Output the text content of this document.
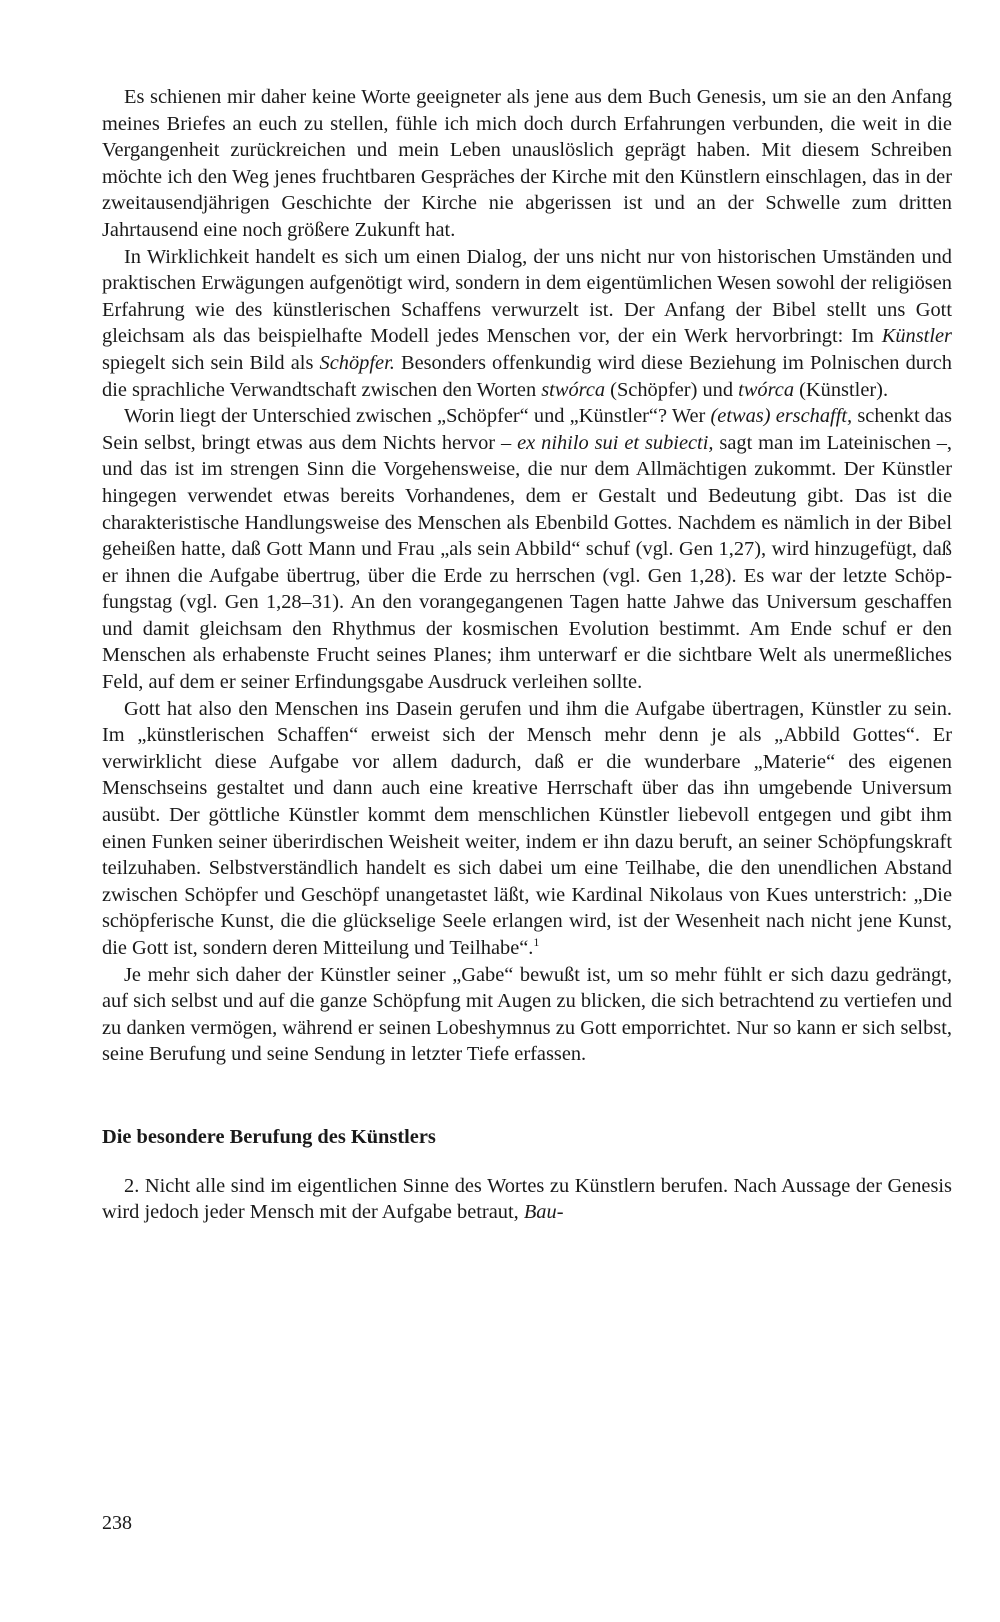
Es schienen mir daher keine Worte geeigneter als jene aus dem Buch Genesis, um sie an den Anfang meines Briefes an euch zu stellen, fühle ich mich doch durch Erfahrungen verbunden, die weit in die Vergangenheit zurückreichen und mein Leben unauslöslich geprägt haben. Mit diesem Schreiben möchte ich den Weg jenes fruchtbaren Gespräches der Kirche mit den Künstlern einschlagen, das in der zweitausendjährigen Geschichte der Kirche nie abgerissen ist und an der Schwelle zum dritten Jahrtausend eine noch größere Zukunft hat.

In Wirklichkeit handelt es sich um einen Dialog, der uns nicht nur von historischen Umständen und praktischen Erwägungen aufgenötigt wird, sondern in dem eigentümlichen Wesen sowohl der religiösen Erfahrung wie des künstlerischen Schaffens verwurzelt ist. Der Anfang der Bibel stellt uns Gott gleichsam als das beispielhafte Modell jedes Menschen vor, der ein Werk hervorbringt: Im Künstler spiegelt sich sein Bild als Schöpfer. Besonders offenkundig wird diese Beziehung im Polnischen durch die sprachliche Verwandtschaft zwischen den Worten stwórca (Schöpfer) und twórca (Künstler).

Worin liegt der Unterschied zwischen „Schöpfer“ und „Künstler“? Wer (etwas) erschafft, schenkt das Sein selbst, bringt etwas aus dem Nichts hervor – ex nihilo sui et subiecti, sagt man im Lateinischen –, und das ist im strengen Sinn die Vorgehensweise, die nur dem Allmächtigen zukommt. Der Künstler hingegen verwendet etwas bereits Vorhandenes, dem er Gestalt und Bedeutung gibt. Das ist die charakteristische Handlungsweise des Menschen als Ebenbild Gottes. Nachdem es nämlich in der Bibel geheißen hatte, daß Gott Mann und Frau „als sein Abbild“ schuf (vgl. Gen 1,27), wird hinzugefügt, daß er ihnen die Aufgabe übertrug, über die Erde zu herrschen (vgl. Gen 1,28). Es war der letzte Schöpfungstag (vgl. Gen 1,28–31). An den vorangegangenen Tagen hatte Jahwe das Universum geschaffen und damit gleichsam den Rhythmus der kosmischen Evolution bestimmt. Am Ende schuf er den Menschen als erhabenste Frucht seines Planes; ihm unterwarf er die sichtbare Welt als unermeßliches Feld, auf dem er seiner Erfindungsgabe Ausdruck verleihen sollte.

Gott hat also den Menschen ins Dasein gerufen und ihm die Aufgabe übertragen, Künstler zu sein. Im „künstlerischen Schaffen“ erweist sich der Mensch mehr denn je als „Abbild Gottes“. Er verwirklicht diese Aufgabe vor allem dadurch, daß er die wunderbare „Materie“ des eigenen Menschseins gestaltet und dann auch eine kreative Herrschaft über das ihn umgebende Universum ausübt. Der göttliche Künstler kommt dem menschlichen Künstler liebevoll entgegen und gibt ihm einen Funken seiner überirdischen Weisheit weiter, indem er ihn dazu beruft, an seiner Schöpfungskraft teilzuhaben. Selbstverständlich handelt es sich dabei um eine Teilhabe, die den unendlichen Abstand zwischen Schöpfer und Geschöpf unangetastet läßt, wie Kardinal Nikolaus von Kues unterstrich: „Die schöpferische Kunst, die die glückselige Seele erlangen wird, ist der Wesenheit nach nicht jene Kunst, die Gott ist, sondern deren Mitteilung und Teilhabe“.$^1$

Je mehr sich daher der Künstler seiner „Gabe“ bewußt ist, um so mehr fühlt er sich dazu gedrängt, auf sich selbst und auf die ganze Schöpfung mit Augen zu blicken, die sich betrachtend zu vertiefen und zu danken vermögen, während er seinen Lobeshymnus zu Gott emporrichtet. Nur so kann er sich selbst, seine Berufung und seine Sendung in letzter Tiefe erfassen.

Die besondere Berufung des Künstlers

2. Nicht alle sind im eigentlichen Sinne des Wortes zu Künstlern berufen. Nach Aussage der Genesis wird jedoch jeder Mensch mit der Aufgabe betraut, Bau-

238
